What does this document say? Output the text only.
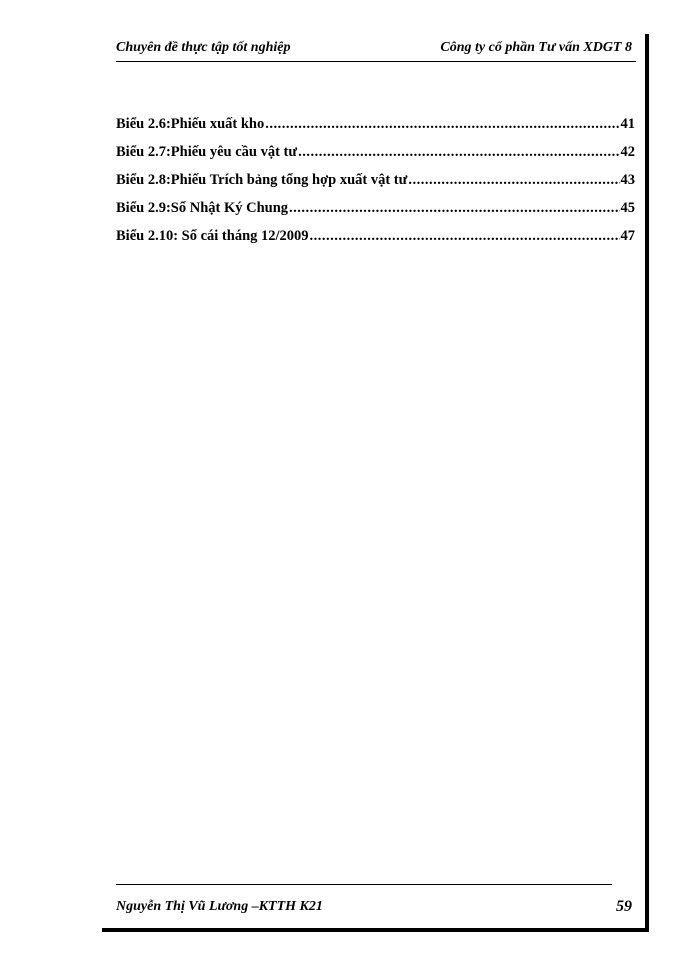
Chuyên đề thực tập tốt nghiệp	Công ty cổ phần Tư vấn XDGT 8
Biểu 2.6:Phiếu xuất kho .....	41
Biểu 2.7:Phiếu yêu cầu vật tư .....	42
Biểu 2.8:Phiếu Trích bảng tổng hợp xuất vật tư .....	43
Biểu 2.9:Sổ Nhật Ký Chung .....	45
Biểu 2.10: Sổ cái tháng 12/2009 .....	47
Nguyễn Thị Vũ Lương –KTTH K21	59
